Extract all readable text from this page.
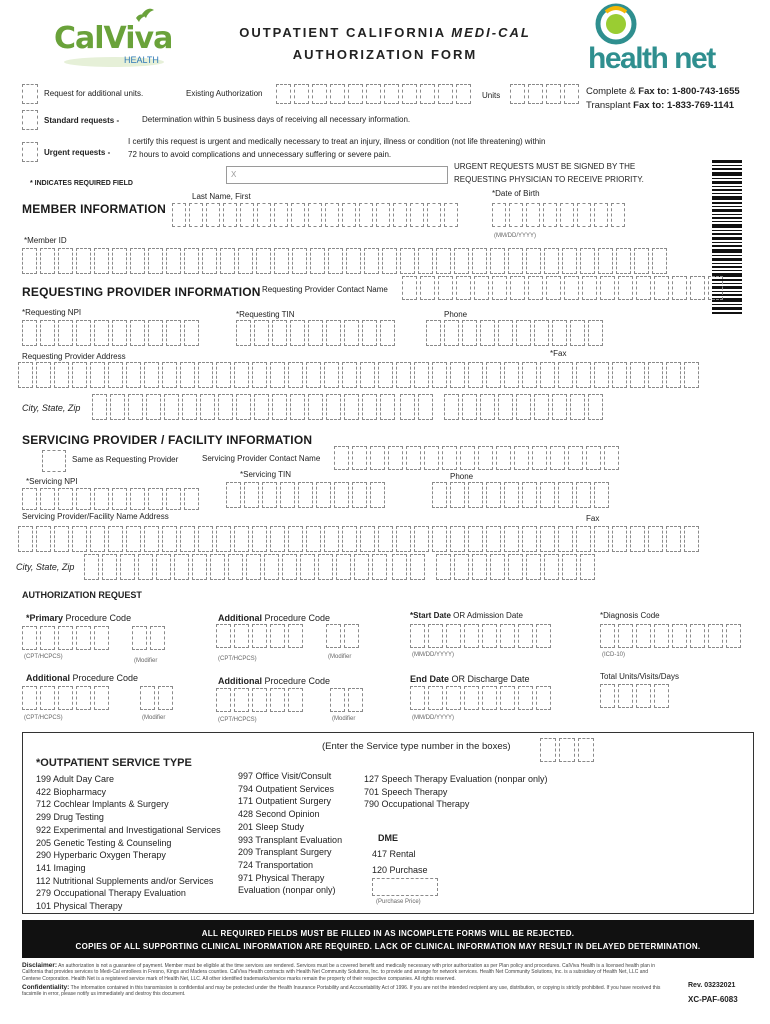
CalViva
HEALTH
OUTPATIENT CALIFORNIA MEDI-CAL
AUTHORIZATION FORM	health net
Request for additional units.	Existing Authorization	Units	Complete & Fax to: 1-800-743-1655
Transplant Fax to: 1-833-769-1141
Standard requests -	Determination within 5 business days of receiving all necessary information.
Urgent requests -
I certify this request is urgent and medically necessary to treat an injury, illness or condition (not life threatening) within
72 hours to avoid complications and unnecessary suffering or severe pain.
X
URGENT REQUESTS MUST BE SIGNED BY THE
REQUESTING PHYSICIAN TO RECEIVE PRIORITY.
* INDICATES REQUIRED FIELD
Last Name, First	*Date of Birth
MEMBER INFORMATION
(MM/DD/YYYY)
*Member ID
REQUESTING PROVIDER INFORMATION Requesting Provider Contact Name
*Requesting NPI	*Requesting TIN	Phone
Requesting Provider Address	*Fax
City, State, Zip
SERVICING PROVIDER / FACILITY INFORMATION
Same as Requesting Provider	Servicing Provider Contact Name
*Servicing TIN	Phone
*Servicing NPI
Servicing Provider/Facility Name Address	Fax
City, State, Zip
AUTHORIZATION REQUEST
*Primary Procedure Code	Additional Procedure Code	*Start Date OR Admission Date	*Diagnosis Code
(CPT/HCPCS)
(Modifier	(CPT/HCPCS)	(Modifier	(MM/DD/YYYY)	(ICD-10)
Additional Procedure Code	Additional Procedure Code	End Date OR Discharge Date	Total Units/Visits/Days
(CPT/HCPCS)	(Modifier	(CPT/HCPCS)	(Modifier	(MM/DD/YYYY)
(Enter the Service type number in the boxes)
*OUTPATIENT SERVICE TYPE
199 Adult Day Care
422 Biopharmacy
712 Cochlear Implants & Surgery
299 Drug Testing
922 Experimental and Investigational Services
205 Genetic Testing & Counseling
290 Hyperbaric Oxygen Therapy
141 Imaging
112 Nutritional Supplements and/or Services
279 Occupational Therapy Evaluation
101 Physical Therapy
997 Office Visit/Consult
794 Outpatient Services
171 Outpatient Surgery
428 Second Opinion
201 Sleep Study
993 Transplant Evaluation
209 Transplant Surgery
724 Transportation
971 Physical Therapy
Evaluation (nonpar only)
127 Speech Therapy Evaluation (nonpar only)
701 Speech Therapy
790 Occupational Therapy
DME
417 Rental
120 Purchase
(Purchase Price)
ALL REQUIRED FIELDS MUST BE FILLED IN AS INCOMPLETE FORMS WILL BE REJECTED.
COPIES OF ALL SUPPORTING CLINICAL INFORMATION ARE REQUIRED. LACK OF CLINICAL INFORMATION MAY RESULT IN DELAYED DETERMINATION.
Disclaimer: An authorization is not a guarantee of payment. Member must be eligible at the time services are rendered. Services must be a covered benefit and medically necessary with prior authorization as per Plan policy and procedures. CalViva Health is a licensed health plan in California that provides services to Medi-Cal enrollees in Fresno, Kings and Madera counties. CalViva Health contracts with Health Net Community Solutions, Inc. to provide and arrange for network services. Health Net Community Solutions, Inc. is a subsidiary of Health Net, LLC and Centene Corporation. Health Net is a registered service mark of Health Net, LLC. All other identified trademarks/service marks remain the property of their respective companies. All rights reserved.
Confidentiality: The information contained in this transmission is confidential and may be protected under the Health Insurance Portability and Accountability Act of 1996. If you are not the intended recipient any use, distribution, or copying is strictly prohibited. If you have received this facsimile in error, please notify us immediately and destroy this document.
Rev. 03232021
XC-PAF-6083
